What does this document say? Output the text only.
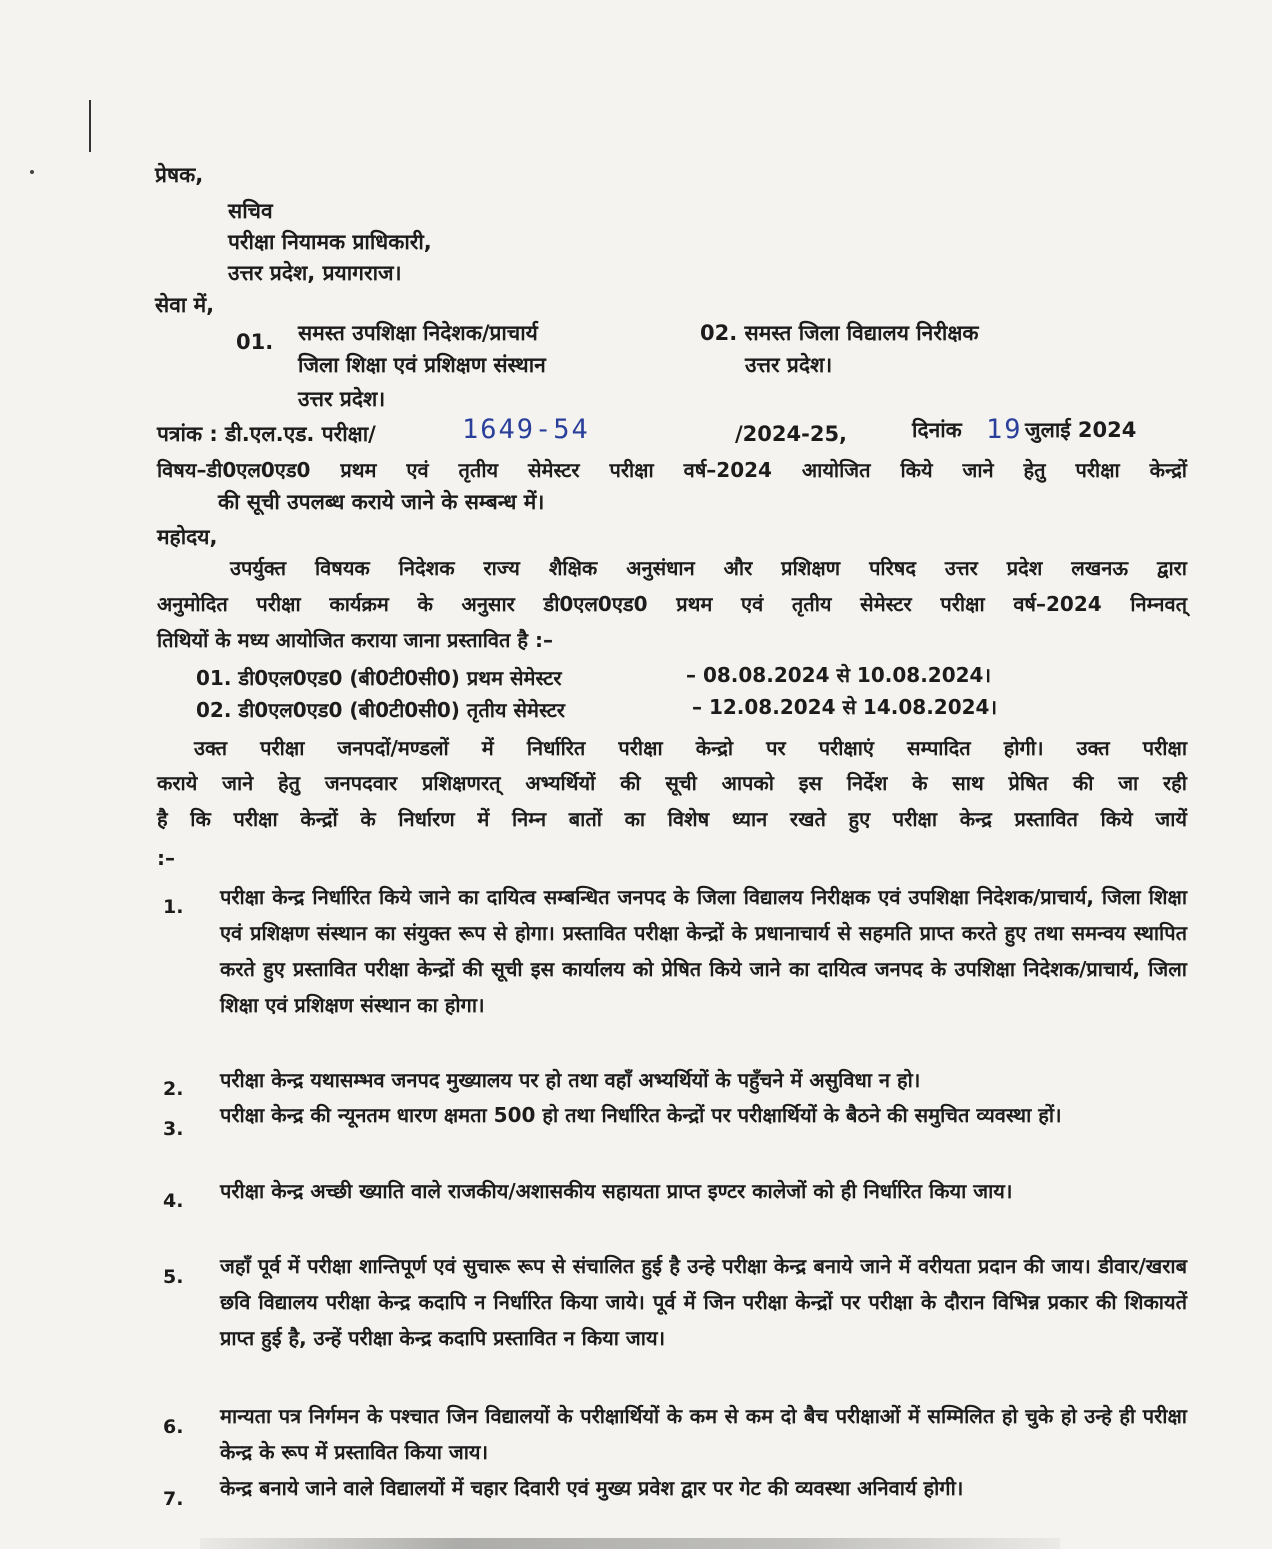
प्रेषक,
सचिव
परीक्षा नियामक प्राधिकारी,
उत्तर प्रदेश, प्रयागराज।
सेवा में,
01. समस्त उपशिक्षा निदेशक/प्राचार्य
जिला शिक्षा एवं प्रशिक्षण संस्थान
उत्तर प्रदेश।
02. समस्त जिला विद्यालय निरीक्षक
उत्तर प्रदेश।
पत्रांक : डी.एल.एड. परीक्षा/	1649-54	/2024-25,	दिनांक 19 जुलाई 2024
विषय–डी0एल0एड0 प्रथम एवं तृतीय सेमेस्टर परीक्षा वर्ष–2024 आयोजित किये जाने हेतु परीक्षा केन्द्रों
की सूची उपलब्ध कराये जाने के सम्बन्ध में।
महोदय,
उपर्युक्त विषयक निदेशक राज्य शैक्षिक अनुसंधान और प्रशिक्षण परिषद उत्तर प्रदेश लखनऊ द्वारा
अनुमोदित परीक्षा कार्यक्रम के अनुसार डी0एल0एड0 प्रथम एवं तृतीय सेमेस्टर परीक्षा वर्ष–2024 निम्नवत्
तिथियों के मध्य आयोजित कराया जाना प्रस्तावित है :–
01. डी0एल0एड0 (बी0टी0सी0) प्रथम सेमेस्टर	– 08.08.2024 से 10.08.2024।
02. डी0एल0एड0 (बी0टी0सी0) तृतीय सेमेस्टर	– 12.08.2024 से 14.08.2024।
उक्त परीक्षा जनपदों/मण्डलों में निर्धारित परीक्षा केन्द्रो पर परीक्षाएं सम्पादित होगी। उक्त परीक्षा
कराये जाने हेतु जनपदवार प्रशिक्षणरत् अभ्यर्थियों की सूची आपको इस निर्देश के साथ प्रेषित की जा रही
है कि परीक्षा केन्द्रों के निर्धारण में निम्न बातों का विशेष ध्यान रखते हुए परीक्षा केन्द्र प्रस्तावित किये जायें
:–
1. परीक्षा केन्द्र निर्धारित किये जाने का दायित्व सम्बन्धित जनपद के जिला विद्यालय निरीक्षक एवं उपशिक्षा निदेशक/प्राचार्य, जिला शिक्षा एवं प्रशिक्षण संस्थान का संयुक्त रूप से होगा। प्रस्तावित परीक्षा केन्द्रों के प्रधानाचार्य से सहमति प्राप्त करते हुए तथा समन्वय स्थापित करते हुए प्रस्तावित परीक्षा केन्द्रों की सूची इस कार्यालय को प्रेषित किये जाने का दायित्व जनपद के उपशिक्षा निदेशक/प्राचार्य, जिला शिक्षा एवं प्रशिक्षण संस्थान का होगा।
2. परीक्षा केन्द्र यथासम्भव जनपद मुख्यालय पर हो तथा वहाँ अभ्यर्थियों के पहुँचने में असुविधा न हो।
3.
परीक्षा केन्द्र की न्यूनतम धारण क्षमता 500 हो तथा निर्धारित केन्द्रों पर परीक्षार्थियों के बैठने की समुचित व्यवस्था हों।
4. परीक्षा केन्द्र अच्छी ख्याति वाले राजकीय/अशासकीय सहायता प्राप्त इण्टर कालेजों को ही निर्धारित किया जाय।
5. जहाँ पूर्व में परीक्षा शान्तिपूर्ण एवं सुचारू रूप से संचालित हुई है उन्हे परीक्षा केन्द्र बनाये जाने में वरीयता प्रदान की जाय। डीवार/खराब छवि विद्यालय परीक्षा केन्द्र कदापि न निर्धारित किया जाये। पूर्व में जिन परीक्षा केन्द्रों पर परीक्षा के दौरान विभिन्न प्रकार की शिकायतें प्राप्त हुई है, उन्हें परीक्षा केन्द्र कदापि प्रस्तावित न किया जाय।
6. मान्यता पत्र निर्गमन के पश्चात जिन विद्यालयों के परीक्षार्थियों के कम से कम दो बैच परीक्षाओं में सम्मिलित हो चुके हो उन्हे ही परीक्षा केन्द्र के रूप में प्रस्तावित किया जाय।
7. केन्द्र बनाये जाने वाले विद्यालयों में चहार दिवारी एवं मुख्य प्रवेश द्वार पर गेट की व्यवस्था अनिवार्य होगी।
